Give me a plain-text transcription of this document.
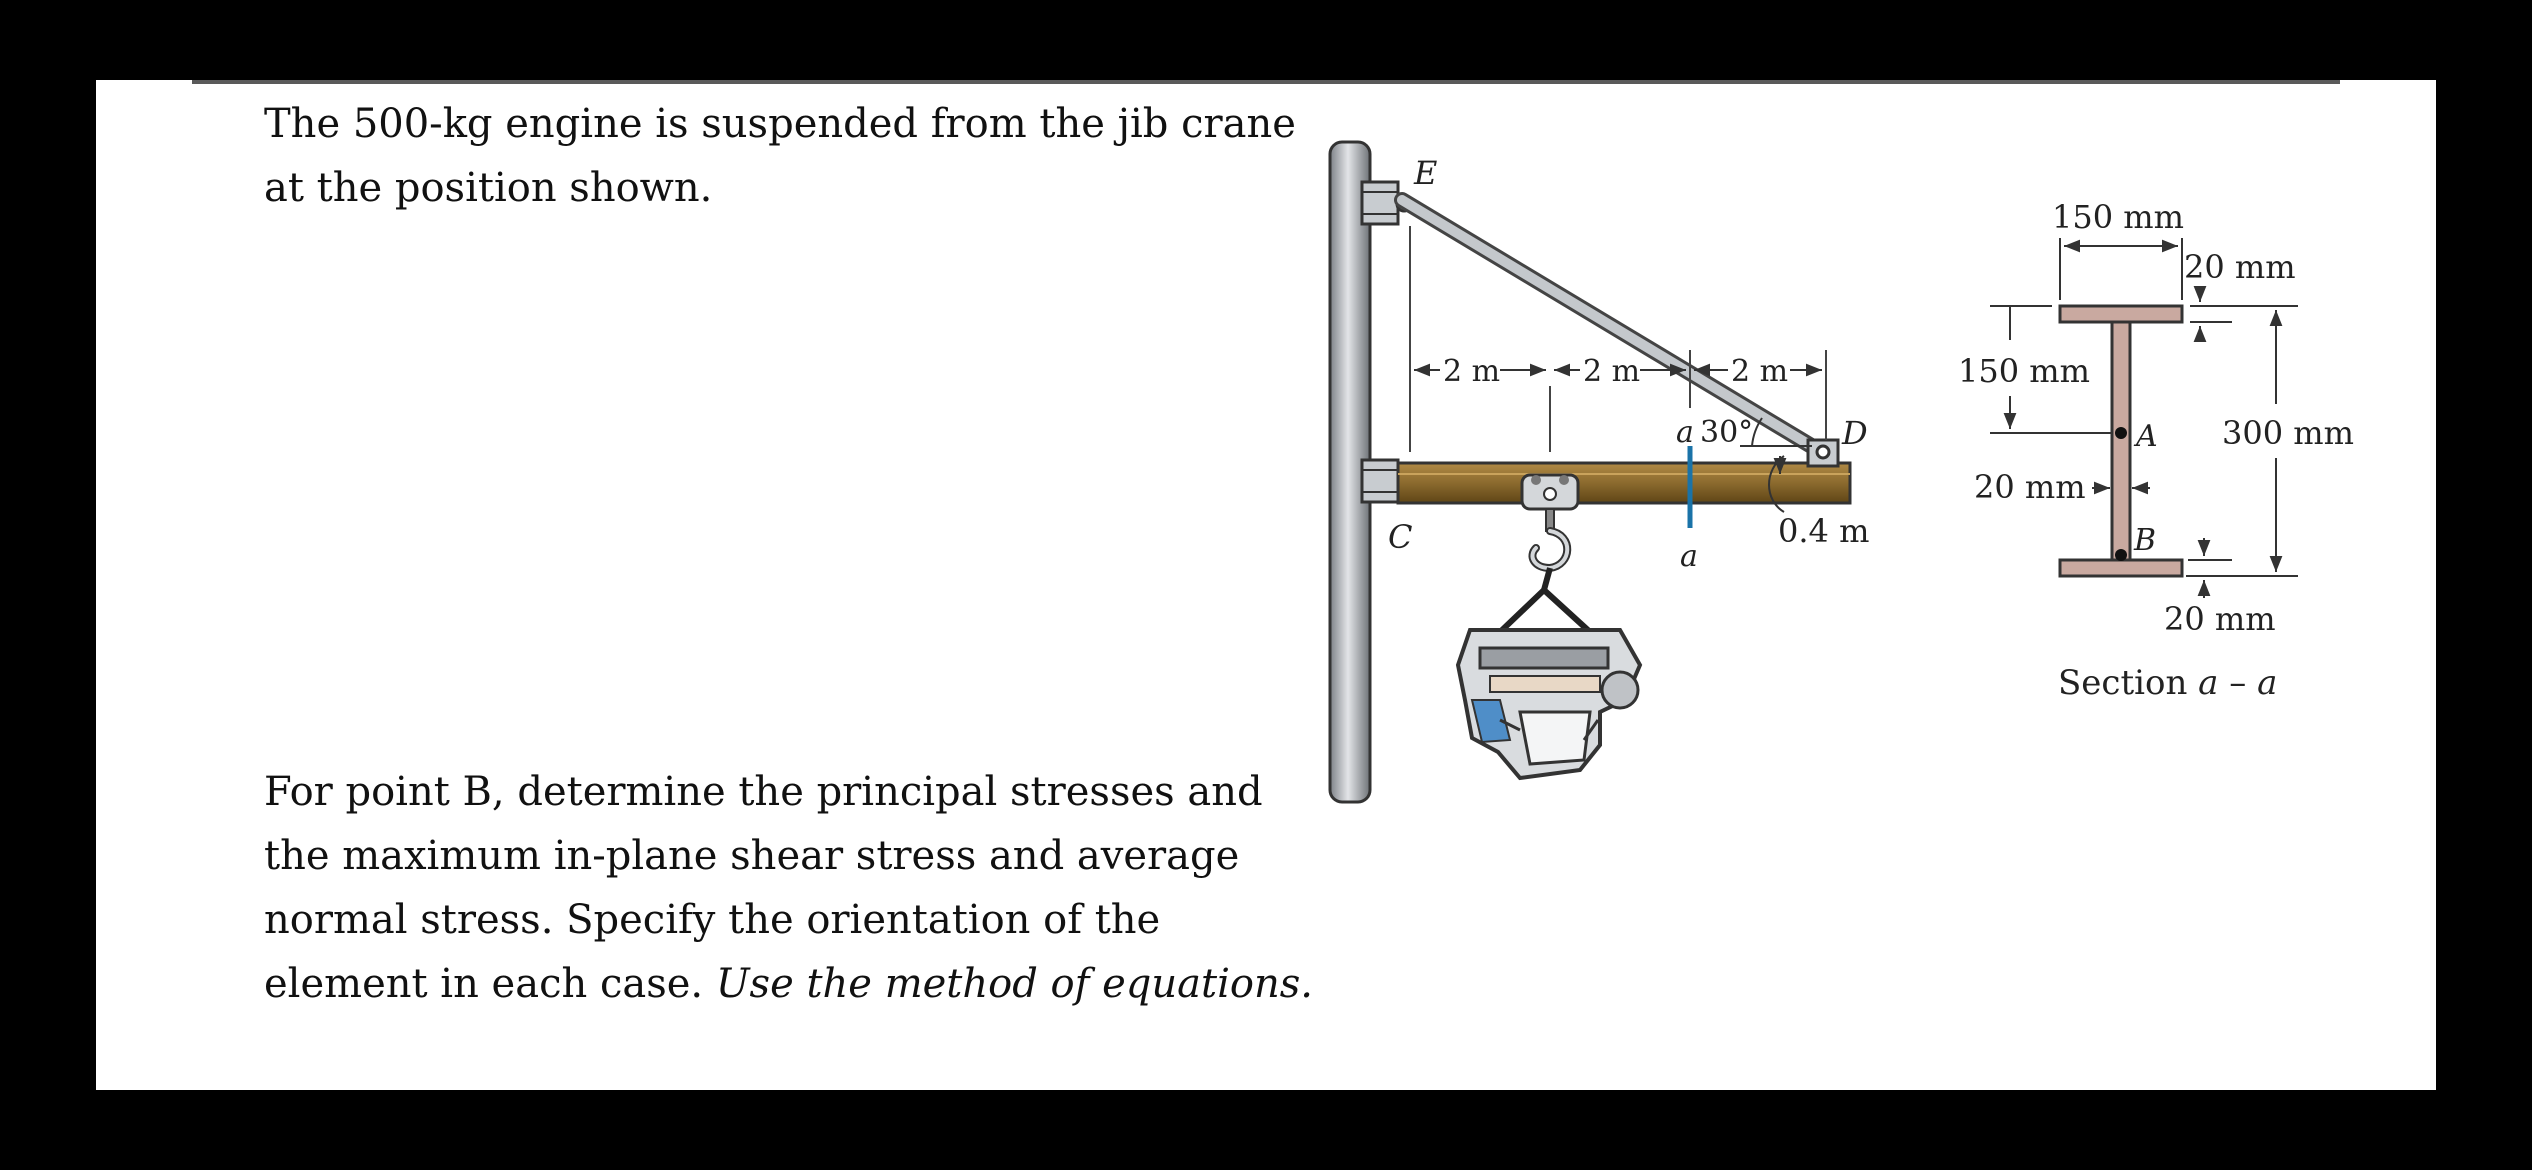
The 500-kg engine is suspended from the jib crane
at the position shown.
For point B, determine the principal stresses and
the maximum in-plane shear stress and average
normal stress. Specify the orientation of the
element in each case. Use the method of equations.
E
C
D
a 30°
a
2 m	2 m	2 m
0.4 m
150 mm
20 mm
150 mm
A 300 mm
20 mm
B
20 mm
Section a – a
